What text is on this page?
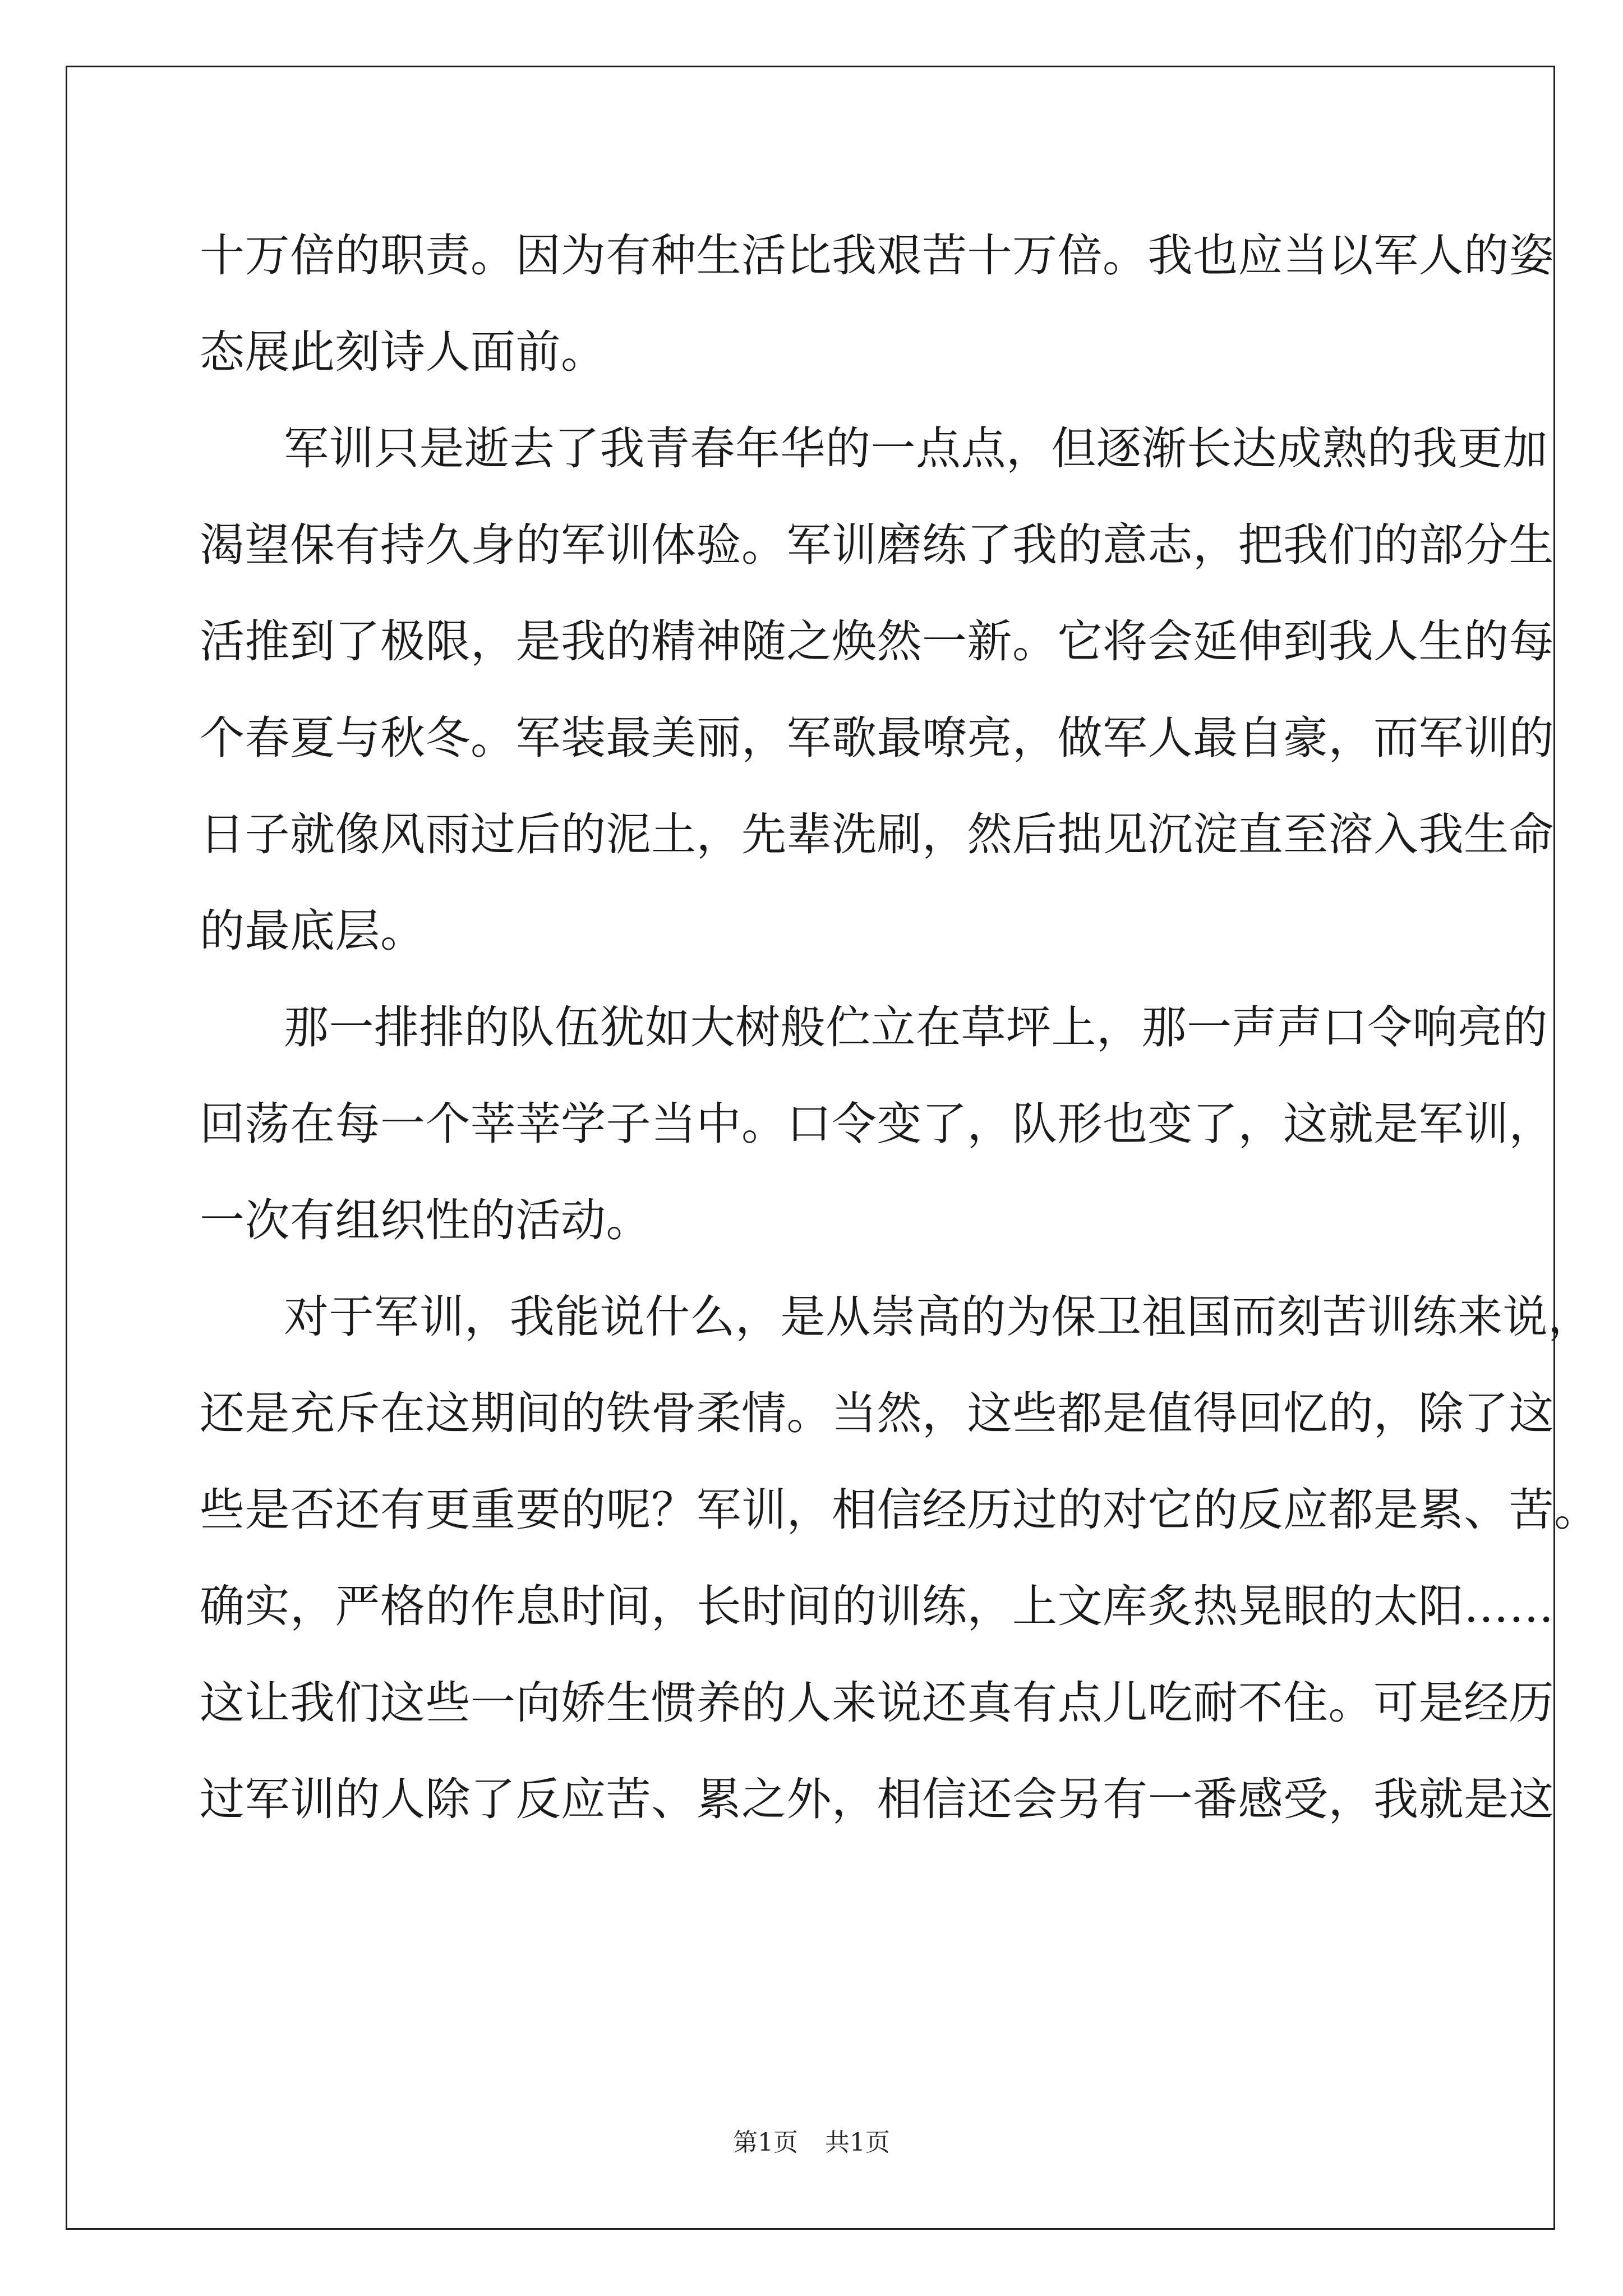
十万倍的职责。因为有种生活比我艰苦十万倍。我也应当以军人的姿
态展此刻诗人面前。
军训只是逝去了我青春年华的一点点，但逐渐长达成熟的我更加
渴望保有持久身的军训体验。军训磨练了我的意志，把我们的部分生
活推到了极限，是我的精神随之焕然一新。它将会延伸到我人生的每
个春夏与秋冬。军装最美丽，军歌最嘹亮，做军人最自豪，而军训的
日子就像风雨过后的泥土，先辈洗刷，然后拙见沉淀直至溶入我生命
的最底层。
那一排排的队伍犹如大树般伫立在草坪上，那一声声口令响亮的
回荡在每一个莘莘学子当中。口令变了，队形也变了，这就是军训，
一次有组织性的活动。
对于军训，我能说什么，是从崇高的为保卫祖国而刻苦训练来说，
还是充斥在这期间的铁骨柔情。当然，这些都是值得回忆的，除了这
些是否还有更重要的呢？军训，相信经历过的对它的反应都是累、苦。
确实，严格的作息时间，长时间的训练，上文库炙热晃眼的太阳……
这让我们这些一向娇生惯养的人来说还真有点儿吃耐不住。可是经历
过军训的人除了反应苦、累之外，相信还会另有一番感受，我就是这
第1页 共1页
